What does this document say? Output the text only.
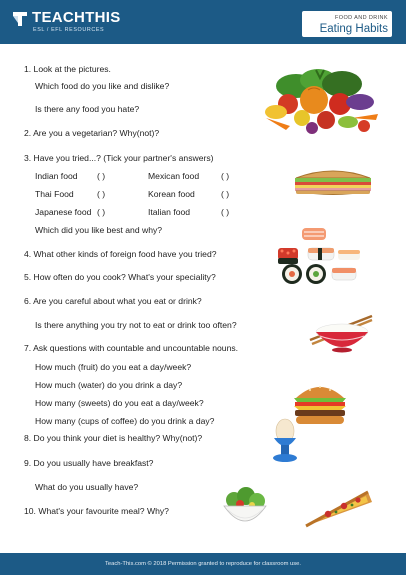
TEACHTHIS
ESL / EFL RESOURCES
FOOD AND DRINK
Eating Habits
1. Look at the pictures.
Which food do you like and dislike?
Is there any food you hate?
2. Are you a vegetarian? Why(not)?
3. Have you tried...? (Tick your partner's answers)
Indian food ( )	Mexican food	( )
Thai Food	( )	Korean food	( )
Japanese food ( )	Italian food	( )
Which did you like best and why?
4. What other kinds of foreign food have you tried?
5. How often do you cook? What's your speciality?
6. Are you careful about what you eat or drink?
Is there anything you try not to eat or drink too often?
7. Ask questions with countable and uncountable nouns.
How much (fruit) do you eat a day/week?
How much (water) do you drink a day?
How many (sweets) do you eat a day/week?
How many (cups of coffee) do you drink a day?
8. Do you think your diet is healthy? Why(not)?
9. Do you usually have breakfast?
What do you usually have?
10. What's your favourite meal? Why?
Teach-This.com © 2018 Permission granted to reproduce for classroom use.
